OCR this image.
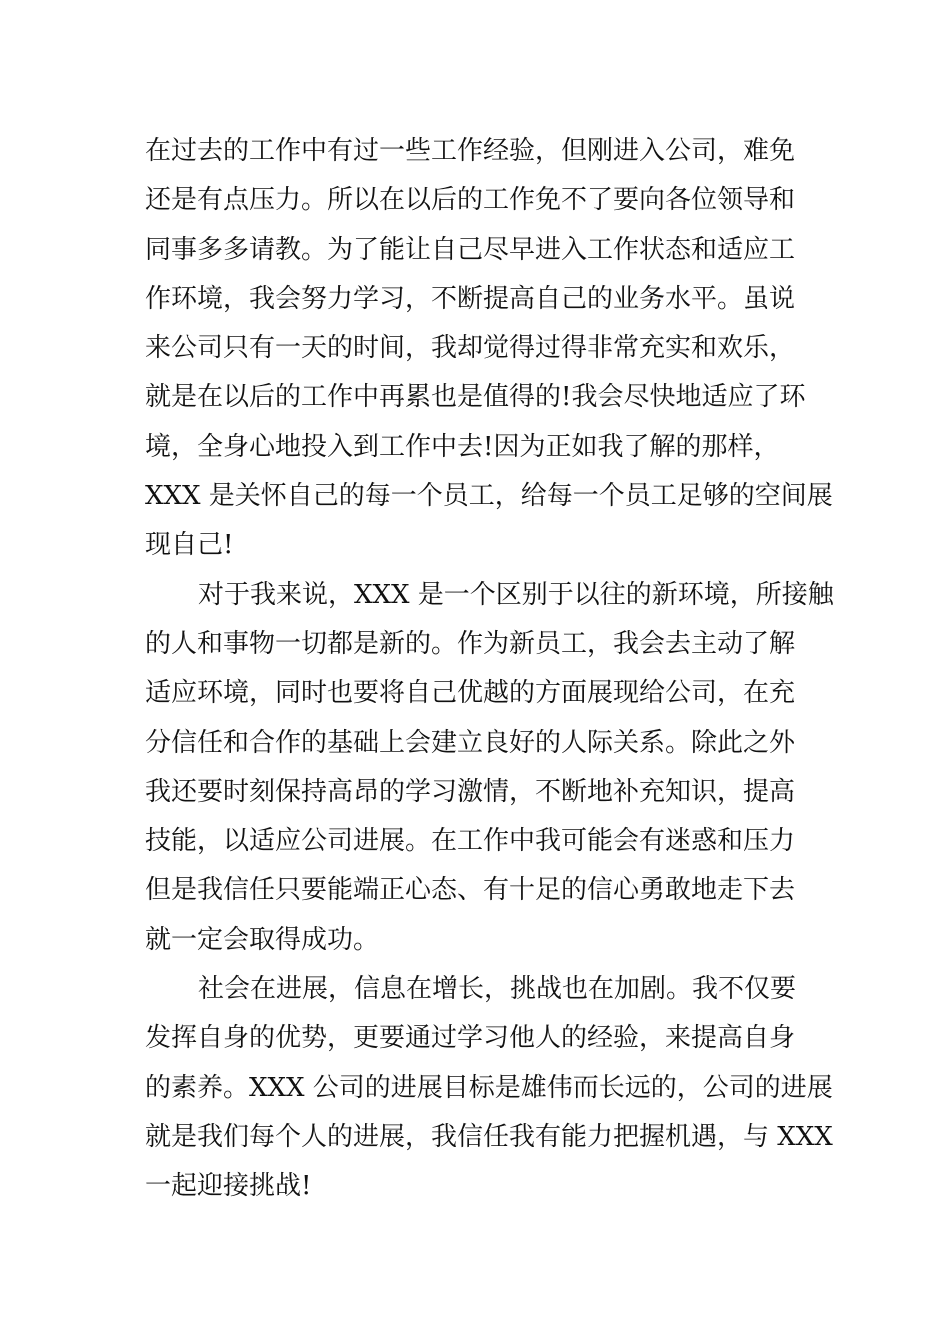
在过去的工作中有过一些工作经验，但刚进入公司，难免
还是有点压力。所以在以后的工作免不了要向各位领导和
同事多多请教。为了能让自己尽早进入工作状态和适应工
作环境，我会努力学习，不断提高自己的业务水平。虽说
来公司只有一天的时间，我却觉得过得非常充实和欢乐，
就是在以后的工作中再累也是值得的!我会尽快地适应了环
境，全身心地投入到工作中去!因为正如我了解的那样，
XXX 是关怀自己的每一个员工，给每一个员工足够的空间展
现自己!
对于我来说，XXX 是一个区别于以往的新环境，所接触
的人和事物一切都是新的。作为新员工，我会去主动了解
适应环境，同时也要将自己优越的方面展现给公司，在充
分信任和合作的基础上会建立良好的人际关系。除此之外
我还要时刻保持高昂的学习激情，不断地补充知识，提高
技能，以适应公司进展。在工作中我可能会有迷惑和压力
但是我信任只要能端正心态、有十足的信心勇敢地走下去
就一定会取得成功。
社会在进展，信息在增长，挑战也在加剧。我不仅要
发挥自身的优势，更要通过学习他人的经验，来提高自身
的素养。XXX 公司的进展目标是雄伟而长远的，公司的进展
就是我们每个人的进展，我信任我有能力把握机遇，与 XXX
一起迎接挑战!
